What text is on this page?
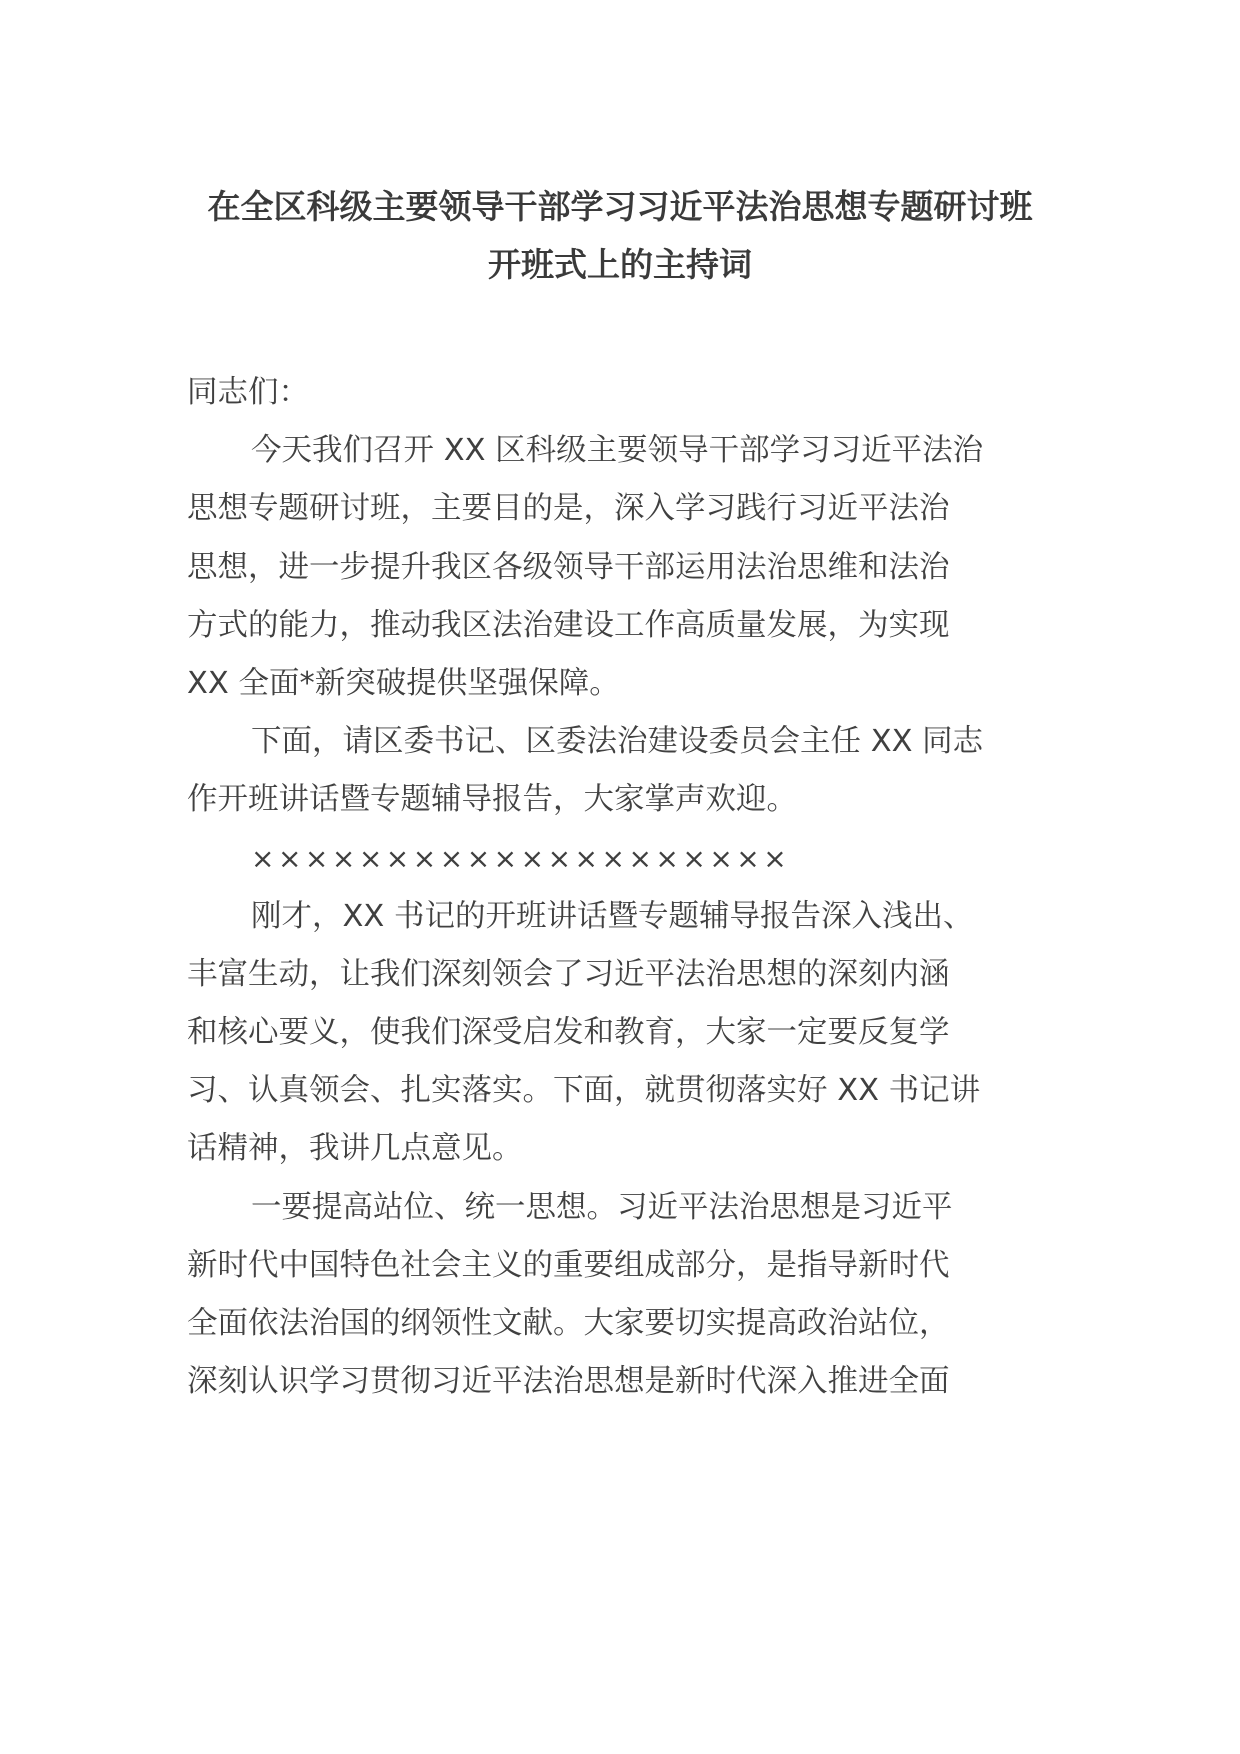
在全区科级主要领导干部学习习近平法治思想专题研讨班
开班式上的主持词
同志们：
今天我们召开 XX 区科级主要领导干部学习习近平法治
思想专题研讨班，主要目的是，深入学习践行习近平法治
思想，进一步提升我区各级领导干部运用法治思维和法治
方式的能力，推动我区法治建设工作高质量发展，为实现
XX 全面*新突破提供坚强保障。
下面，请区委书记、区委法治建设委员会主任 XX 同志
作开班讲话暨专题辅导报告，大家掌声欢迎。
××××××××××××××××××××
刚才，XX 书记的开班讲话暨专题辅导报告深入浅出、
丰富生动，让我们深刻领会了习近平法治思想的深刻内涵
和核心要义，使我们深受启发和教育，大家一定要反复学
习、认真领会、扎实落实。下面，就贯彻落实好 XX 书记讲
话精神，我讲几点意见。
一要提高站位、统一思想。习近平法治思想是习近平
新时代中国特色社会主义的重要组成部分，是指导新时代
全面依法治国的纲领性文献。大家要切实提高政治站位，
深刻认识学习贯彻习近平法治思想是新时代深入推进全面
